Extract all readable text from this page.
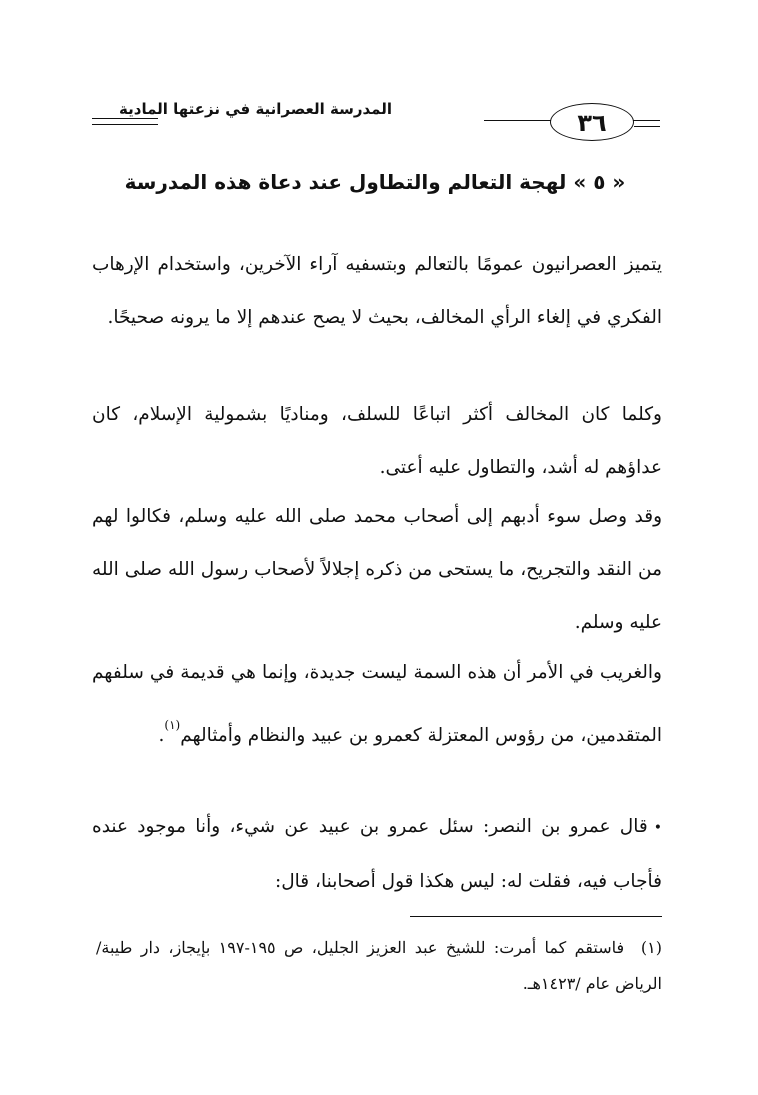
المدرسة العصرانية في نزعتها المادية	٣٦
« ٥ » لهجة التعالم والتطاول عند دعاة هذه المدرسة

يتميز العصرانيون عمومًا بالتعالم وبتسفيه آراء الآخرين، واستخدام الإرهاب الفكري في إلغاء الرأي المخالف، بحيث لا يصح عندهم إلا ما يرونه صحيحًا.

وكلما كان المخالف أكثر اتباعًا للسلف، ومناديًا بشمولية الإسلام، كان عداؤهم له أشد، والتطاول عليه أعتى.

وقد وصل سوء أدبهم إلى أصحاب محمد صلى الله عليه وسلم، فكالوا لهم من النقد والتجريح، ما يستحى من ذكره إجلالاً لأصحاب رسول الله صلى الله عليه وسلم.

والغريب في الأمر أن هذه السمة ليست جديدة، وإنما هي قديمة في سلفهم المتقدمين، من رؤوس المعتزلة كعمرو بن عبيد والنظام وأمثالهم$^{(١)}$.

•قال عمرو بن النصر: سئل عمرو بن عبيد عن شيء، وأنا موجود عنده فأجاب فيه، فقلت له: ليس هكذا قول أصحابنا، قال:

(١)  فاستقم كما أمرت: للشيخ عبد العزيز الجليل، ص ١٩٥-١٩٧ بإيجاز، دار طيبة/ الرياض عام /١٤٢٣هـ.
